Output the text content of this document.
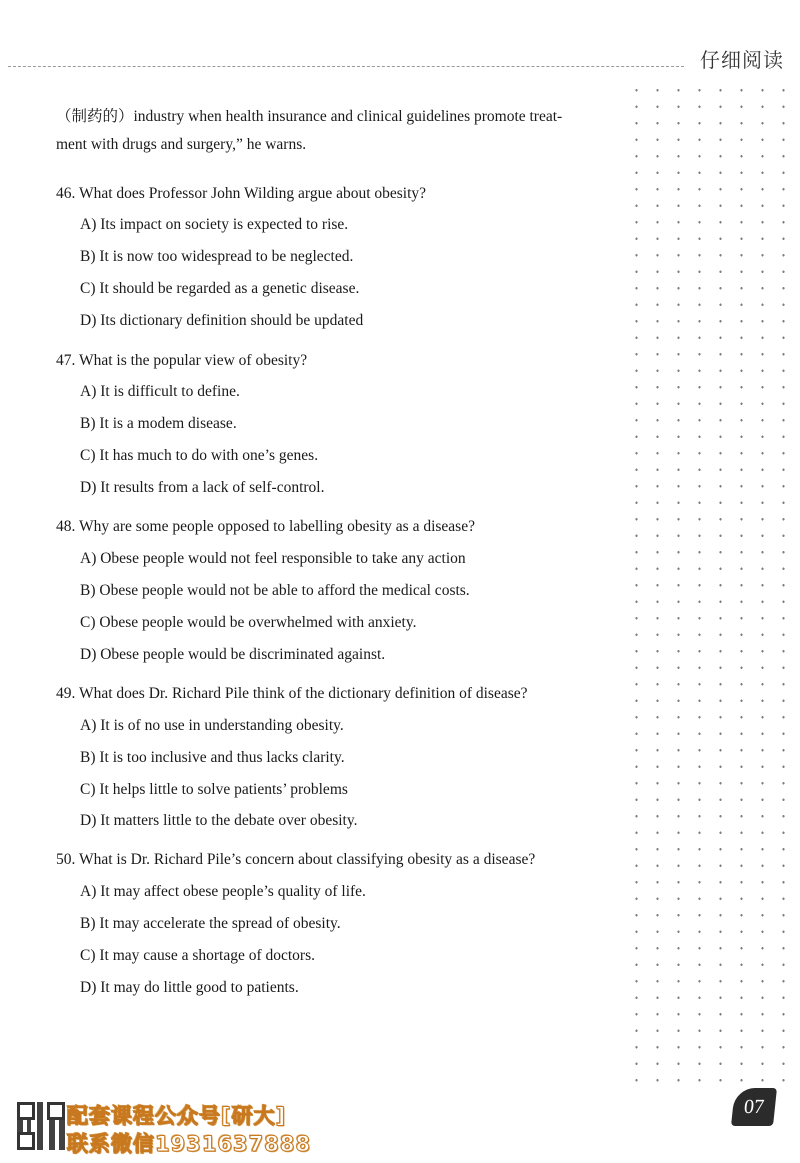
仔细阅读
（制药的）industry when health insurance and clinical guidelines promote treat-
ment with drugs and surgery,” he warns.
46. What does Professor John Wilding argue about obesity?
A) Its impact on society is expected to rise.
B) It is now too widespread to be neglected.
C) It should be regarded as a genetic disease.
D) Its dictionary definition should be updated
47. What is the popular view of obesity?
A) It is difficult to define.
B) It is a modem disease.
C) It has much to do with one’s genes.
D) It results from a lack of self-control.
48. Why are some people opposed to labelling obesity as a disease?
A) Obese people would not feel responsible to take any action
B) Obese people would not be able to afford the medical costs.
C) Obese people would be overwhelmed with anxiety.
D) Obese people would be discriminated against.
49. What does Dr. Richard Pile think of the dictionary definition of disease?
A) It is of no use in understanding obesity.
B) It is too inclusive and thus lacks clarity.
C) It helps little to solve patients’ problems
D) It matters little to the debate over obesity.
50. What is Dr. Richard Pile’s concern about classifying obesity as a disease?
A) It may affect obese people’s quality of life.
B) It may accelerate the spread of obesity.
C) It may cause a shortage of doctors.
D) It may do little good to patients.
配套课程公众号[研大]
联系微信1931637888
07
